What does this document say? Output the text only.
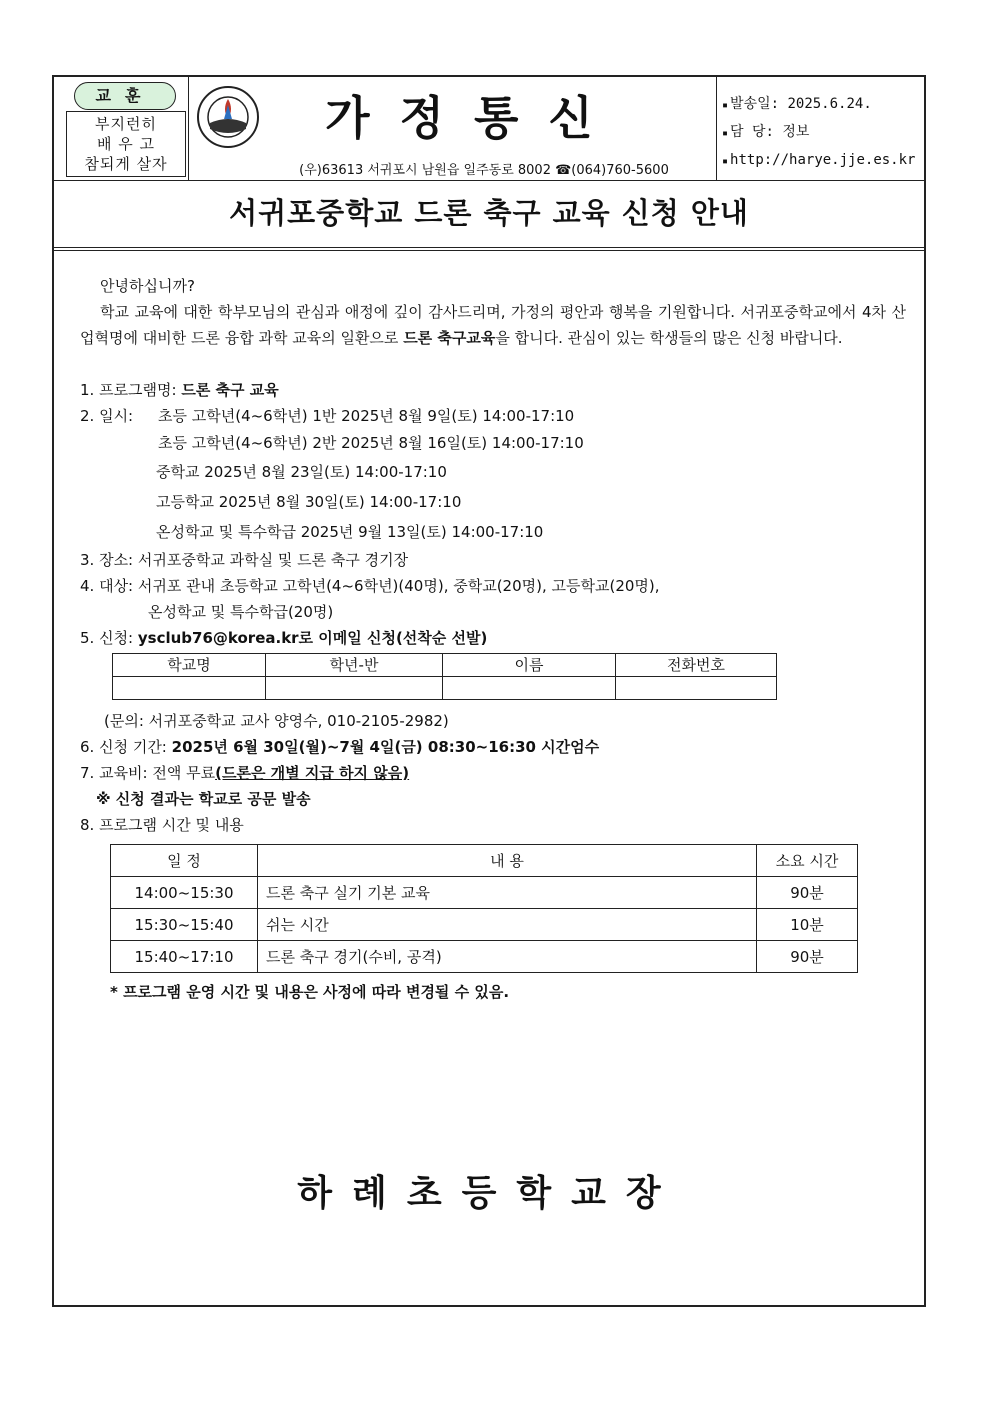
교훈
부지런히
배 우 고
참되게 살자
가정통신
(우)63613 서귀포시 남원읍 일주동로 8002 ☎(064)760-5600
▪ 발송일: 2025.6.24.
▪ 담 당: 정보
▪ http://harye.jje.es.kr
서귀포중학교 드론 축구 교육 신청 안내
안녕하십니까?
학교 교육에 대한 학부모님의 관심과 애정에 깊이 감사드리며, 가정의 평안과 행복을 기원합니다. 서귀포중학교에서 4차 산업혁명에 대비한 드론 융합 과학 교육의 일환으로 드론 축구교육을 합니다. 관심이 있는 학생들의 많은 신청 바랍니다.
1. 프로그램명: 드론 축구 교육
2. 일시: 초등 고학년(4~6학년) 1반 2025년 8월 9일(토) 14:00-17:10
초등 고학년(4~6학년) 2반 2025년 8월 16일(토) 14:00-17:10
중학교 2025년 8월 23일(토) 14:00-17:10
고등학교 2025년 8월 30일(토) 14:00-17:10
온성학교 및 특수학급 2025년 9월 13일(토) 14:00-17:10
3. 장소: 서귀포중학교 과학실 및 드론 축구 경기장
4. 대상: 서귀포 관내 초등학교 고학년(4~6학년)(40명), 중학교(20명), 고등학교(20명),
온성학교 및 특수학급(20명)
5. 신청: ysclub76@korea.kr로 이메일 신청(선착순 선발)
학교명	학년-반	이름	전화번호

(문의: 서귀포중학교 교사 양영수, 010-2105-2982)
6. 신청 기간: 2025년 6월 30일(월)~7월 4일(금) 08:30~16:30 시간엄수
7. 교육비: 전액 무료(드론은 개별 지급 하지 않음)
※ 신청 결과는 학교로 공문 발송
8. 프로그램 시간 및 내용
일 정	내 용	소요 시간
14:00~15:30	드론 축구 실기 기본 교육	90분
15:30~15:40	쉬는 시간	10분
15:40~17:10	드론 축구 경기(수비, 공격)	90분
* 프로그램 운영 시간 및 내용은 사정에 따라 변경될 수 있음.
하례초등학교장
